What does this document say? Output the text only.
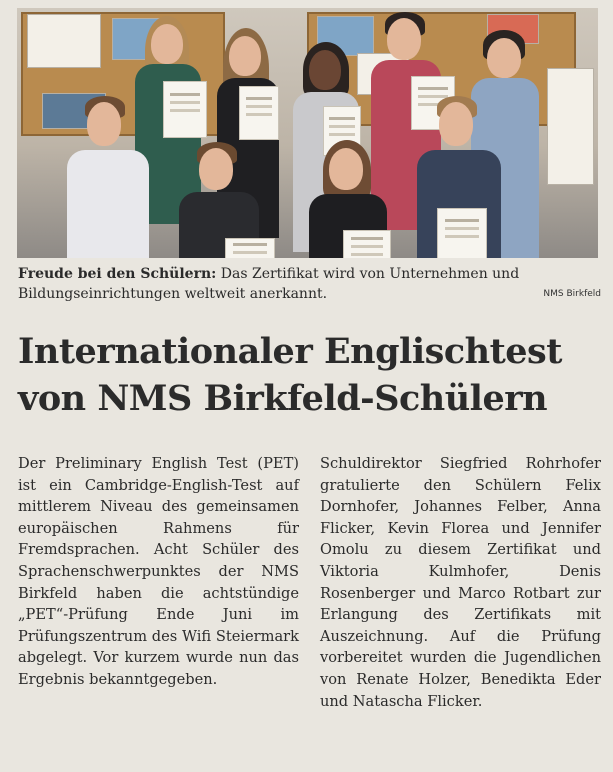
Freude bei den Schülern: Das Zertifikat wird von Unternehmen und Bildungseinrichtungen weltweit anerkannt.	NMS Birkfeld
Internationaler Englischtest von NMS Birkfeld-Schülern
Der Preliminary English Test (PET) ist ein Cambridge-English-Test auf mittlerem Niveau des gemeinsamen europäischen Rahmens für Fremdsprachen. Acht Schüler des Sprachenschwerpunktes der NMS Birkfeld haben die achtstündige „PET“-Prüfung Ende Juni im Prüfungszentrum des Wifi Steiermark abgelegt. Vor kurzem wurde nun das Ergebnis bekanntgegeben.
Schuldirektor Siegfried Rohrhofer gratulierte den Schülern Felix Dornhofer, Johannes Felber, Anna Flicker, Kevin Florea und Jennifer Omolu zu diesem Zertifikat und Viktoria Kulmhofer, Denis Rosenberger und Marco Rotbart zur Erlangung des Zertifikats mit Auszeichnung. Auf die Prüfung vorbereitet wurden die Jugendlichen von Renate Holzer, Benedikta Eder und Natascha Flicker.
